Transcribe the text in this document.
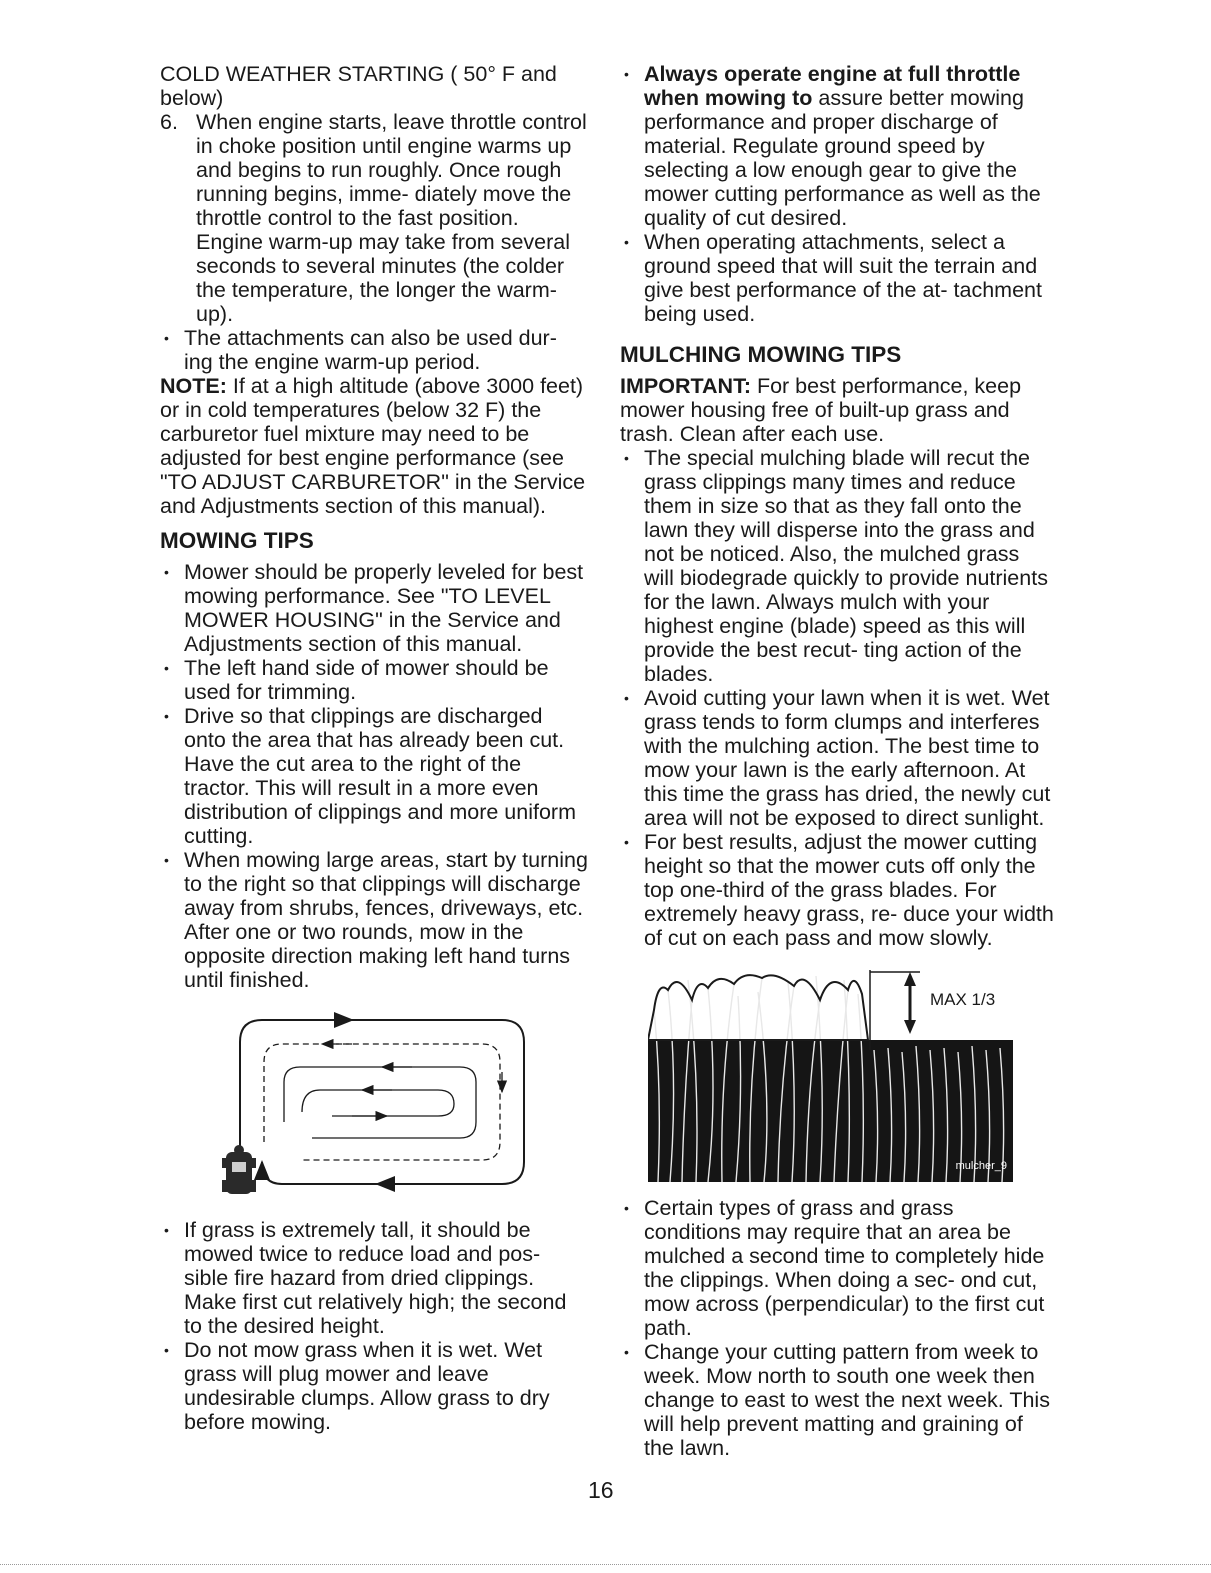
COLD WEATHER STARTING ( 50° F and below)

6. When engine starts, leave throttle control in choke position until engine warms up and begins to run roughly. Once rough running begins, imme- diately move the throttle control to the fast position. Engine warm-up may take from several seconds to several minutes (the colder the temperature, the longer the warm-up).

• The attachments can also be used dur- ing the engine warm-up period.

NOTE: If at a high altitude (above 3000 feet) or in cold temperatures (below 32 F) the carburetor fuel mixture may need to be adjusted for best engine performance (see "TO ADJUST CARBURETOR" in the Service and Adjustments section of this manual).

MOWING TIPS

• Mower should be properly leveled for best mowing performance. See "TO LEVEL MOWER HOUSING" in the Service and Adjustments section of this manual.

• The left hand side of mower should be used for trimming.

• Drive so that clippings are discharged onto the area that has already been cut. Have the cut area to the right of the tractor. This will result in a more even distribution of clippings and more uniform cutting.

• When mowing large areas, start by turning to the right so that clippings will discharge away from shrubs, fences, driveways, etc. After one or two rounds, mow in the opposite direction making left hand turns until finished.

• If grass is extremely tall, it should be mowed twice to reduce load and pos- sible fire hazard from dried clippings. Make first cut relatively high; the second to the desired height.

• Do not mow grass when it is wet. Wet grass will plug mower and leave undesirable clumps. Allow grass to dry before mowing.

• Always operate engine at full throttle when mowing to assure better mowing performance and proper discharge of material. Regulate ground speed by selecting a low enough gear to give the mower cutting performance as well as the quality of cut desired.

• When operating attachments, select a ground speed that will suit the terrain and give best performance of the at- tachment being used.

MULCHING MOWING TIPS

IMPORTANT: For best performance, keep mower housing free of built-up grass and trash. Clean after each use.

• The special mulching blade will recut the grass clippings many times and reduce them in size so that as they fall onto the lawn they will disperse into the grass and not be noticed. Also, the mulched grass will biodegrade quickly to provide nutrients for the lawn. Always mulch with your highest engine (blade) speed as this will provide the best recut- ting action of the blades.

• Avoid cutting your lawn when it is wet. Wet grass tends to form clumps and interferes with the mulching action. The best time to mow your lawn is the early afternoon. At this time the grass has dried, the newly cut area will not be exposed to direct sunlight.

• For best results, adjust the mower cutting height so that the mower cuts off only the top one-third of the grass blades. For extremely heavy grass, re- duce your width of cut on each pass and mow slowly.

MAX 1/3
mulcher_9

• Certain types of grass and grass conditions may require that an area be mulched a second time to completely hide the clippings. When doing a sec- ond cut, mow across (perpendicular) to the first cut path.

• Change your cutting pattern from week to week. Mow north to south one week then change to east to west the next week. This will help prevent matting and graining of the lawn.

16
